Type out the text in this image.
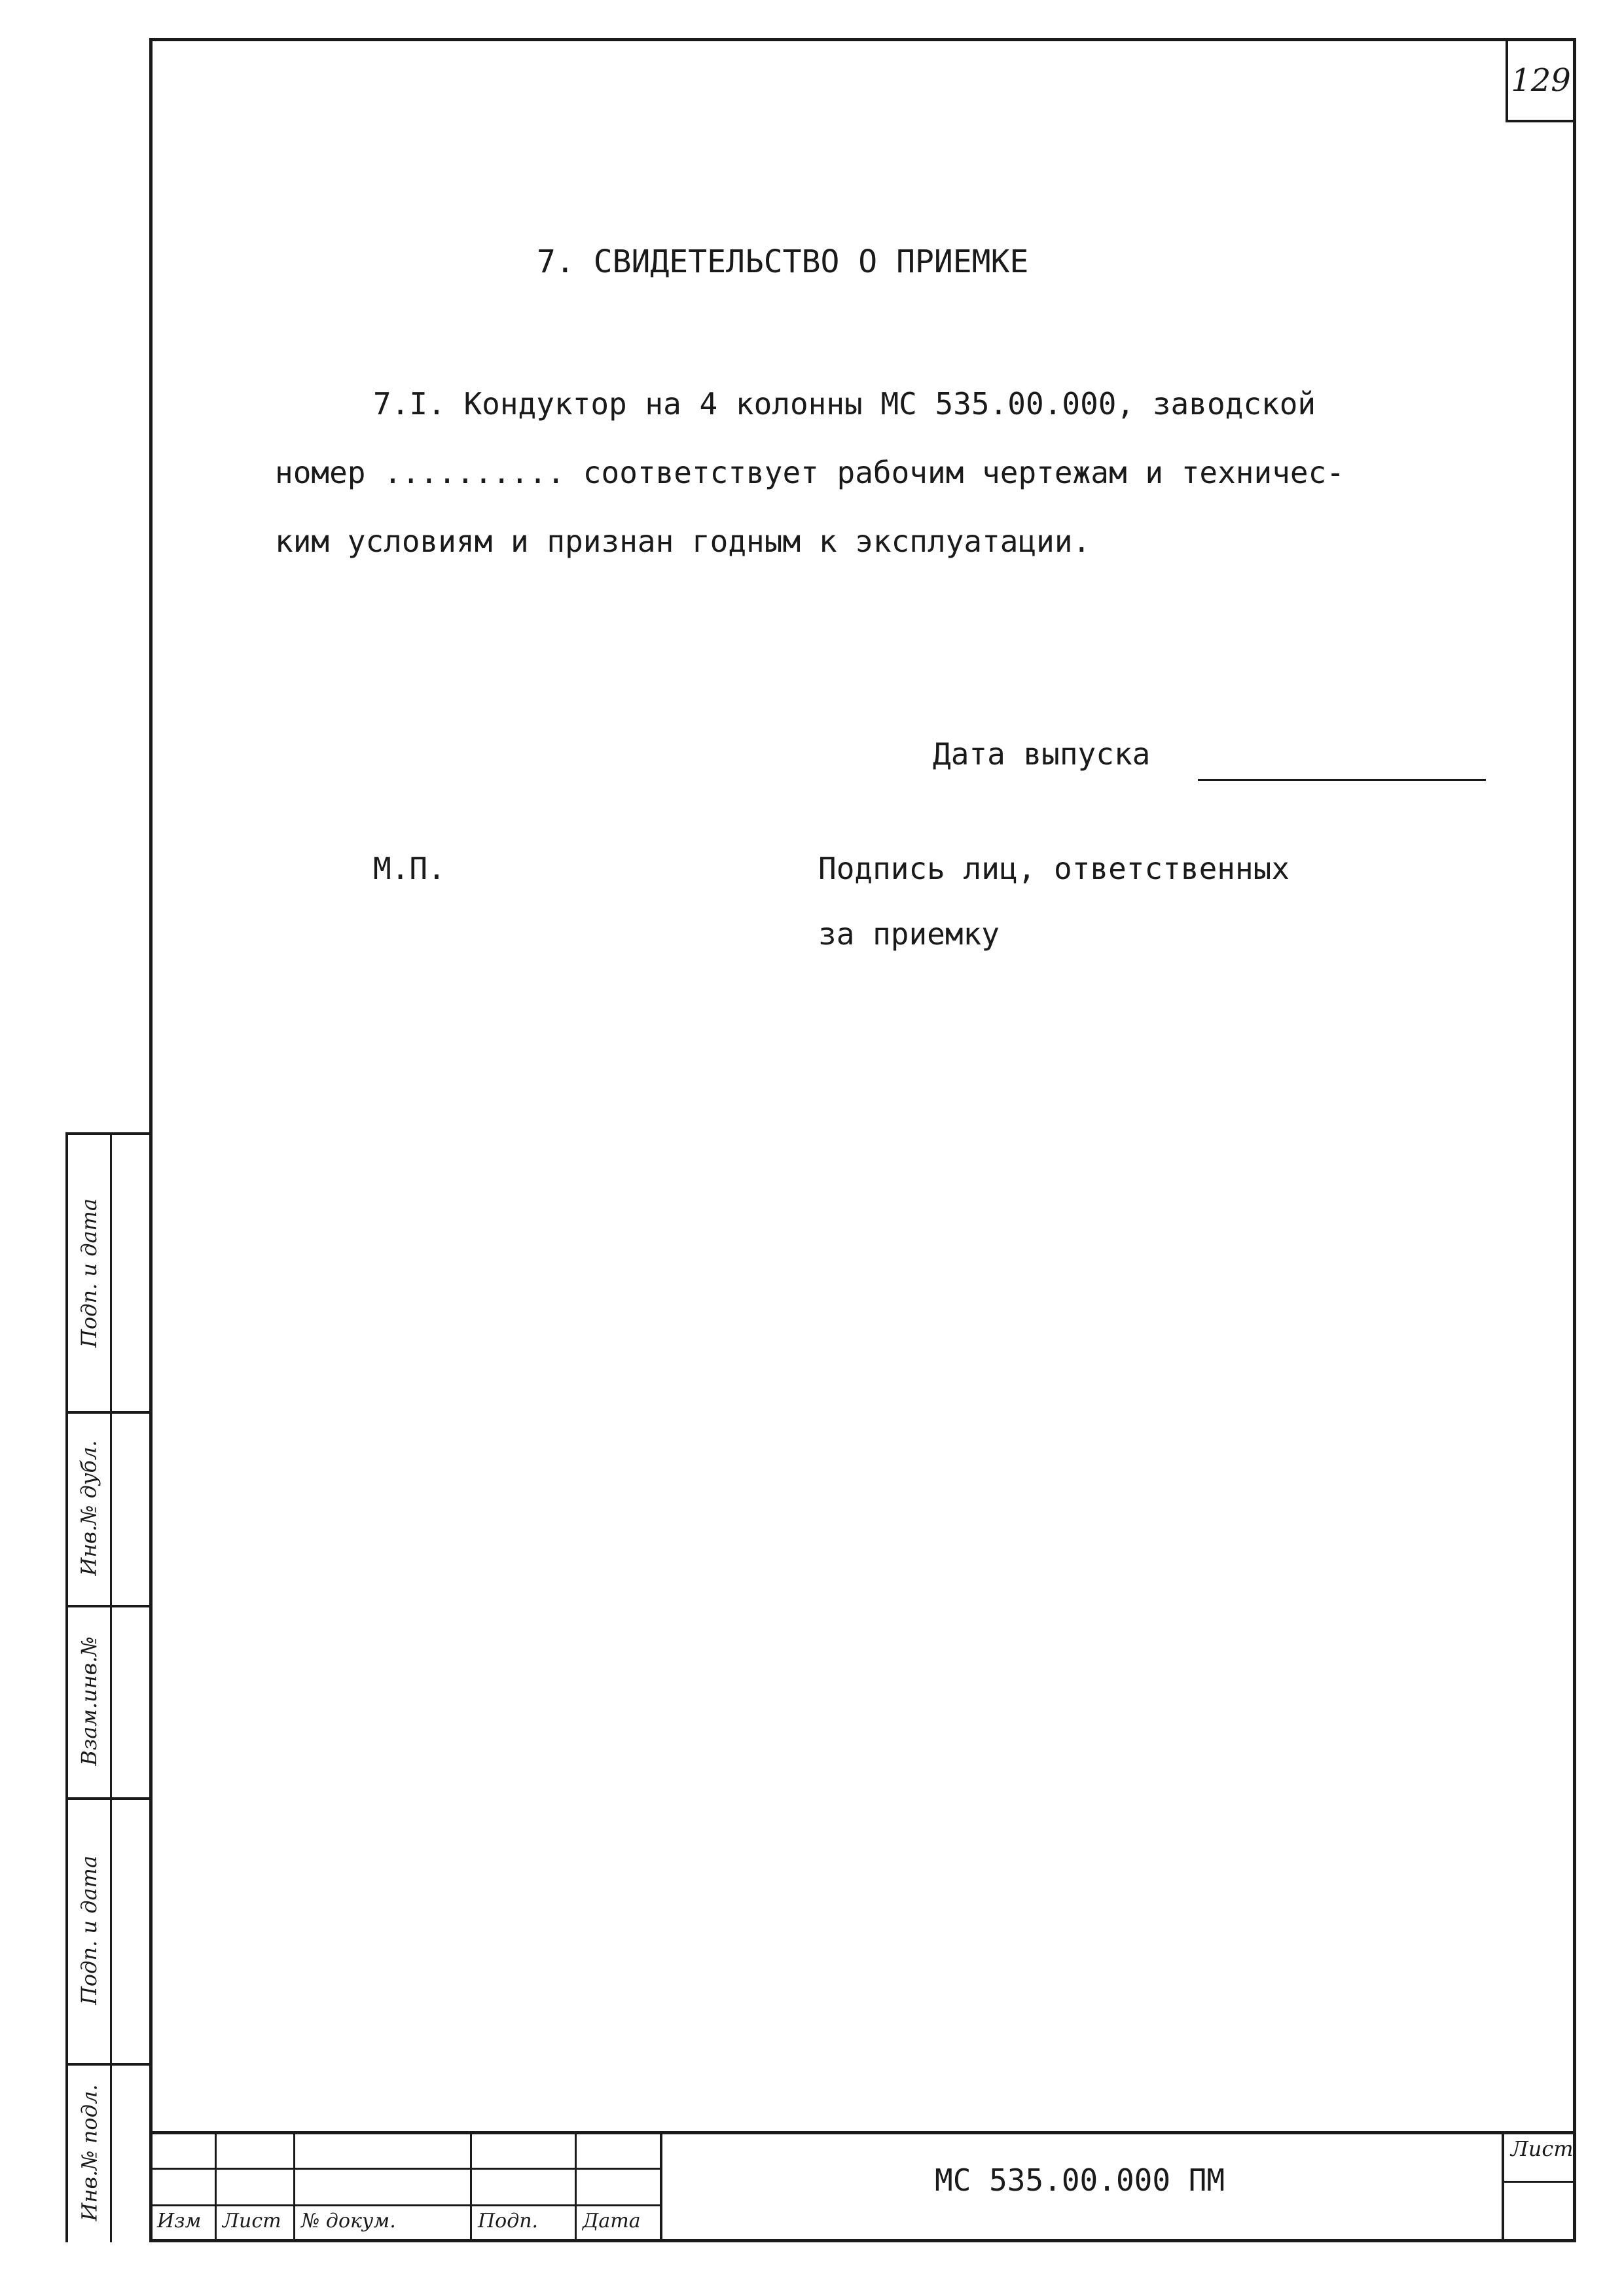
129
7. СВИДЕТЕЛЬСТВО О ПРИЕМКЕ
7.I. Кондуктор на 4 колонны МС 535.00.000, заводской
номер .......... соответствует рабочим чертежам и техничес-
ким условиям и признан годным к эксплуатации.
Дата выпуска
М.П.	Подпись лиц, ответственных
за приемку
Подп. и дата
Инв.№ дубл.
Взам.инв.№
Подп. и дата
Инв.№ подл.
Изм Лист № докум.	Подп. Дата
МС 535.00.000 ПМ
Лист
